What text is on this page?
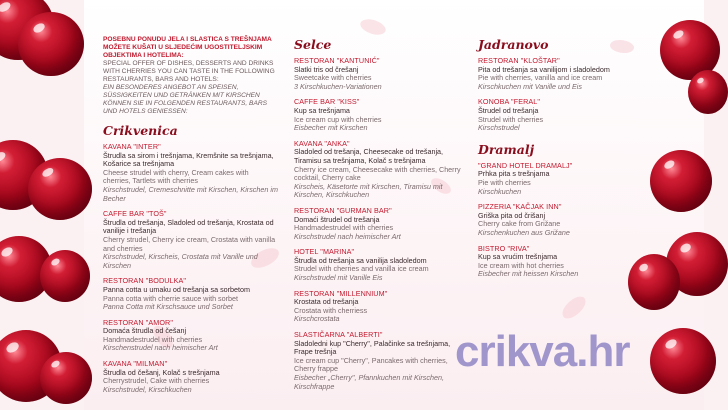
POSEBNU PONUDU JELA I SLASTICA S TREŠNJAMA MOŽETE KUŠATI U SLJEDEĆIM UGOSTITELJSKIM OBJEKTIMA I HOTELIMA:
SPECIAL OFFER OF DISHES, DESSERTS AND DRINKS WITH CHERRIES YOU CAN TASTE IN THE FOLLOWING RESTAURANTS, BARS AND HOTELS:
EIN BESONDERES ANGEBOT AN SPEISEN, SÜSSIGKEITEN UND GETRÄNKEN MIT KIRSCHEN KÖNNEN SIE IN FOLGENDEN RESTAURANTS, BARS UND HOTELS GENIESSEN:
Crikvenica
KAVANA "INTER"
Štrudla sa sirom i trešnjama, Kremšnite sa trešnjama, Košarice sa trešnjama
Cheese strudel with cherry, Cream cakes with cherries, Tartlets with cherries
Kirschstrudel, Cremeschnitte mit Kirschen, Kirschen im Becher
CAFFE BAR "TOŠ"
Štrudla od trešanja, Sladoled od trešanja, Krostata od vanilije i trešanja
Cherry strudel, Cherry ice cream, Crostata with vanilla and cherries
Kirschstrudel, Kirscheis, Crostata mit Vanille und Kirschen
RESTORAN "BODULKA"
Panna cotta u umaku od trešanja sa sorbetom
Panna cotta with cherrie sauce with sorbet
Panna Cotta mit Kirschsauce und Sorbet
RESTORAN "AMOR"
Domaća štrudla od češanj
Handmadestrudel with cherries
Kirschenstrudel nach heimischer Art
KAVANA "MILMAN"
Štrudla od češanj, Kolač s trešnjama
Cherrystrudel, Cake with cherries
Kirschstrudel, Kirschkuchen
Selce
RESTORAN "KANTUNIĆ"
Slatki tris od črešanj
Sweetcake with cherries
3 Kirschkuchen-Variationen
CAFFE BAR "KISS"
Kup sa trešnjama
Ice cream cup with cherries
Eisbecher mit Kirschen
KAVANA "ANKA"
Sladoled od trešanja, Cheesecake od trešanja, Tiramisu sa trešnjama, Kolač s trešnjama
Cherry ice cream, Cheesecake with cherries, Cherry cocktail, Cherry cake
Kirscheis, Käsetorte mit Kirschen, Tiramisu mit Kirschen, Kirschkuchen
RESTORAN "GURMAN BAR"
Domaći štrudel od trešanja
Handmadestrudel with cherries
Kirschstrudel nach heimischer Art
HOTEL "MARINA"
Štrudla od trešanja sa vanilija sladoledom
Strudel with cherries and vanilla ice cream
Kirschstrudel mit Vanille Eis
RESTORAN "MILLENNIUM"
Krostata od trešanja
Crostata with cherriess
Kirschcrostata
SLASTIČARNA "ALBERTI"
Sladoledni kup "Cherry", Palačinke sa trešnjama, Frape trešnja
Ice cream cup "Cherry", Pancakes with cherries, Cherry frappe
Eisbecher „Cherry", Pfannkuchen mit Kirschen, Kirschfrappe
Jadranovo
RESTORAN "KLOŠTAR"
Pita od trešanja sa vanilijom i sladoledom
Pie with cherries, vanilla and ice cream
Kirschkuchen mit Vanille und Eis
KONOBA "FERAL"
Štrudel od trešanja
Strudel with cherries
Kirschstrudel
Dramalj
"GRAND HOTEL DRAMALJ"
Prhka pita s trešnjama
Pie with cherries
Kirschkuchen
PIZZERIA "KAČJAK INN"
Griška pita od črišanj
Cherry cake from Grižane
Kirschenkuchen aus Grižane
BISTRO "RIVA"
Kup sa vrućim trešnjama
Ice cream with hot cherries
Eisbecher mit heissen Kirschen
crikva.hr
